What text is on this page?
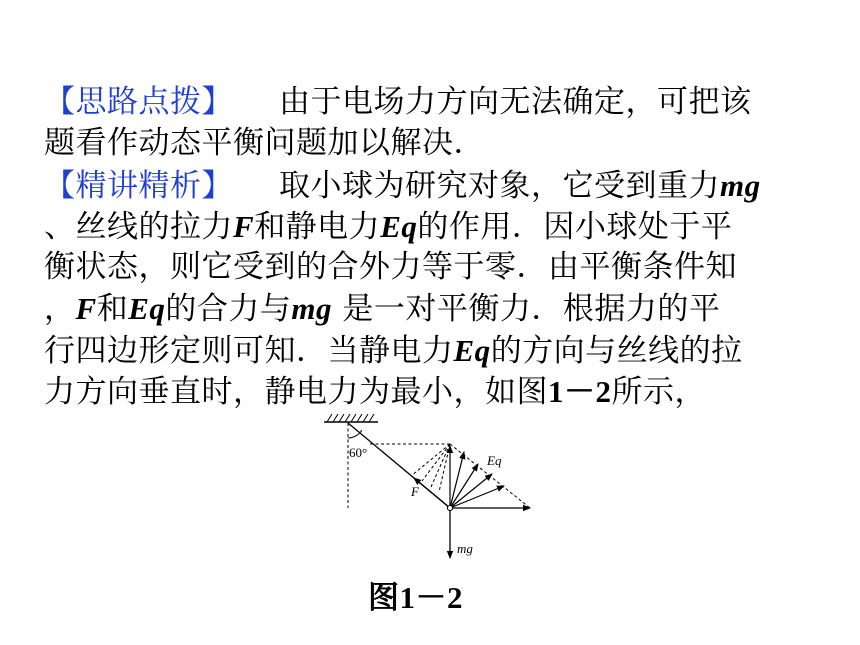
【思路点拨】 由于电场力方向无法确定，可把该
题看作动态平衡问题加以解决．
【精讲精析】 取小球为研究对象，它受到重力mg
、丝线的拉力F和静电力Eq的作用．因小球处于平
衡状态，则它受到的合外力等于零．由平衡条件知
，F和Eq的合力与mg 是一对平衡力．根据力的平
行四边形定则可知．当静电力Eq的方向与丝线的拉
力方向垂直时，静电力为最小，如图1－2所示，
60°
Eq
F
mg
图1－2
